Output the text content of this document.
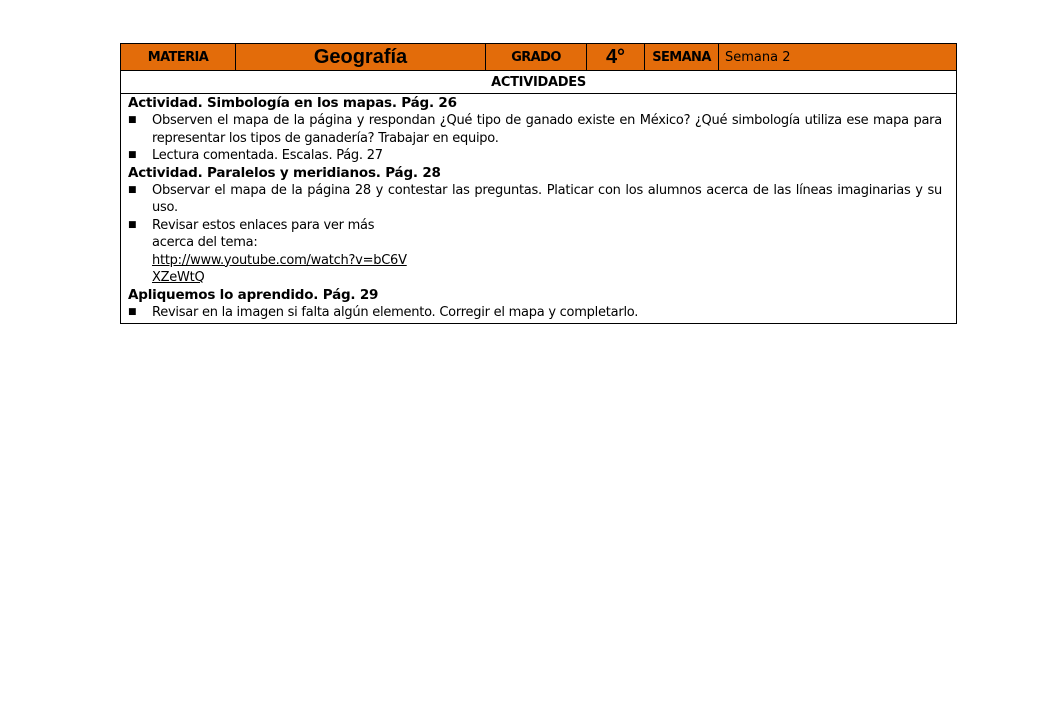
MATERIA	Geografía	GRADO	4°	SEMANA	Semana 2
ACTIVIDADES

Actividad. Simbología en los mapas. Pág. 26
■	Observen el mapa de la página y respondan ¿Qué tipo de ganado existe en México? ¿Qué simbología utiliza ese mapa para representar los tipos de ganadería? Trabajar en equipo.
■	Lectura comentada. Escalas. Pág. 27
Actividad. Paralelos y meridianos. Pág. 28
■	Observar el mapa de la página 28 y contestar las preguntas. Platicar con los alumnos acerca de las líneas imaginarias y su uso.
■	Revisar estos enlaces para ver más acerca del tema:
http://www.youtube.com/watch?v=bC6VXZeWtQ
Apliquemos lo aprendido. Pág. 29
■	Revisar en la imagen si falta algún elemento. Corregir el mapa y completarlo.
